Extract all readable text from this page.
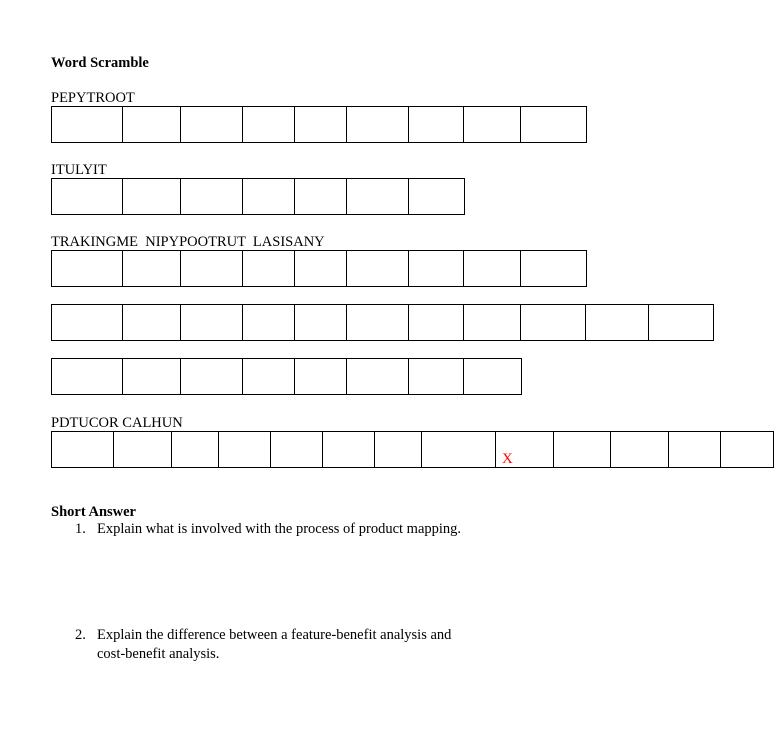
Word Scramble
PEPYTROOT
ITULYIT
TRAKINGME  NIPYPOOTRUT  LASISANY
PDTUCOR CALHUN
X
Short Answer
1. Explain what is involved with the process of product mapping.
2. Explain the difference between a feature-benefit analysis and
cost-benefit analysis.
